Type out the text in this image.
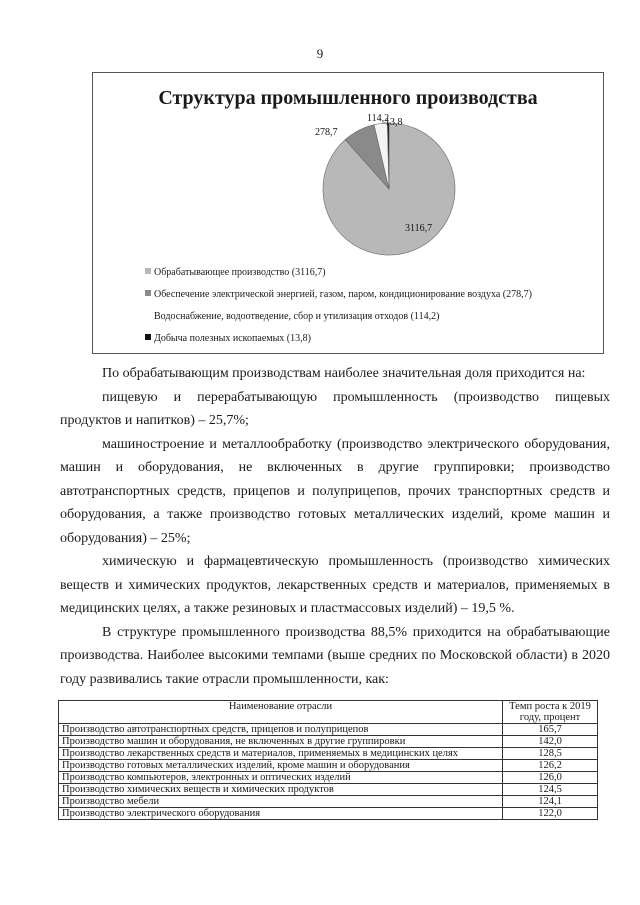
9
Структура промышленного производства
3116,7
278,7
114,2
13,8
Обрабатывающее производство (3116,7)
Обеспечение электрической энергией, газом, паром, кондиционирование воздуха (278,7)
Водоснабжение, водоотведение, сбор и утилизация отходов (114,2)
Добыча полезных ископаемых (13,8)

По обрабатывающим производствам наиболее значительная доля приходится на:

пищевую и перерабатывающую промышленность (производство пищевых продуктов и напитков) – 25,7%;

машиностроение и металлообработку (производство электрического оборудования, машин и оборудования, не включенных в другие группировки; производство автотранспортных средств, прицепов и полуприцепов, прочих транспортных средств и оборудования, а также производство готовых металлических изделий, кроме машин и оборудования) – 25%;

химическую и фармацевтическую промышленность (производство химических веществ и химических продуктов, лекарственных средств и материалов, применяемых в медицинских целях, а также резиновых и пластмассовых изделий) – 19,5 %.

В структуре промышленного производства 88,5% приходится на обрабатывающие производства. Наиболее высокими темпами (выше средних по Московской области) в 2020 году развивались такие отрасли промышленности, как:

Наименование отрасли	Темп роста к 2019 году, процент
Производство автотранспортных средств, прицепов и полуприцепов	165,7
Производство машин и оборудования, не включенных в другие группировки	142,0
Производство лекарственных средств и материалов, применяемых в медицинских целях	128,5
Производство готовых металлических изделий, кроме машин и оборудования	126,2
Производство компьютеров, электронных и оптических изделий	126,0
Производство химических веществ и химических продуктов	124,5
Производство мебели	124,1
Производство электрического оборудования	122,0
